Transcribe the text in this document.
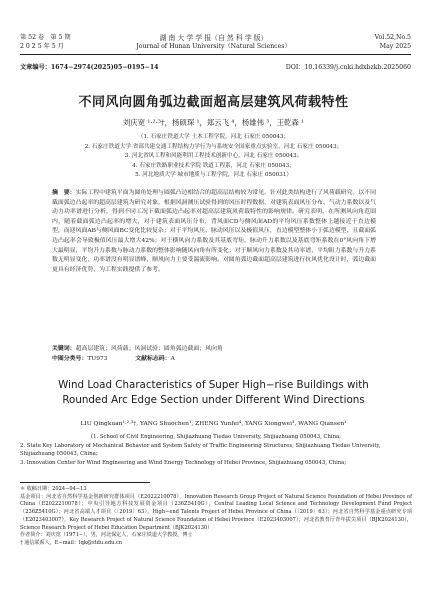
第 52 卷　第 5 期
2 0 2 5 年 5 月
湖 南 大 学 学 报（自 然 科 学 版）
Journal of Hunan University（Natural Sciences）
Vol.52,No.5
May 2025
文章编号：1674−2974(2025)05−0195−14	DOI：10.16339/j.cnki.hdxbzkb.2025060
不同风向圆角弧边截面超高层建筑风荷载特性
刘庆宽 ¹·²·³†，杨硕琛 ¹，郑云飞 ⁴，杨雄伟 ³，王乾森 ¹
（1. 石家庄铁道大学 土木工程学院，河北 石家庄 050043；
2. 石家庄铁道大学 省部共建交通工程结构力学行为与系统安全国家重点实验室，河北 石家庄 050043；
3. 河北省风工程和风能利用工程技术创新中心，河北 石家庄 050043；
4. 石家庄铁路职业技术学院 铁道工程系，河北 石家庄 050043；
5. 河北地质大学 城市地质与工程学院，河北 石家庄 050031）
摘　要：实际工程中建筑平面为圆角处理与圆弧凸边相结合的超高层结构较为常见，针对此类结构进行了风荷载研究。以不同截面弧边凸起率的超高层建筑为研究对象，根据风洞测压试验得到的风压时程数据，对建筑表面风压分布、气动力系数以及气动力功率谱进行分析，得到不同工况下截面弧边凸起率对超高层建筑风荷载特性的影响规律。研究表明，在所测风向角范围内，随着截面弧边凸起率的增大，对于建筑表面风压分布，背风面CD与侧风面AD的平均风压系数整体上越接近于直边模型，而迎风面AB与侧风面BC变化比较复杂；对于平均风压、脉动风压以及极值风压，直边模型整体小于弧边模型，且截面弧边凸起率会导致极值风压最大增大42%；对于横风向力系数及其基底弯矩，脉动升力系数以及基底弯矩系数在0°风向角下增大最明显，平均升力系数与脉动力系数的整体影响随风向角有所变化；对于顺风向力系数及其功率谱，平均阻力系数与升力系数无明显变化，功率谱没有明显谱峰，顺风向力主要受湍流影响。对圆角弧边截面超高层建筑进行抗风优化设计时，弧边截面更具有经济优势，为工程实践提供了参考。
关键词：超高层建筑；风荷载；风洞试验；圆角弧边截面；风向角
中图分类号：TU973	文献标志码：A
Wind Load Characteristics of Super High−rise Buildings with Rounded Arc Edge Section under Different Wind Directions
LIU Qingkuan¹·²·³†, YANG Shuochen¹, ZHENG Yunfei⁴, YANG Xiongwei³, WANG Qiansen¹
(1. School of Civil Engineering, Shijiazhuang Tiedao University, Shijiazhuang 050043, China;
2. State Key Laboratory of Mechanical Behavior and System Safety of Traffic Engineering Structures, Shijiazhuang Tiedao University, Shijiazhuang 050043, China;
3. Innovation Center for Wind Engineering and Wind Energy Technology of Hebei Province, Shijiazhuang 050043, China;

＊ 收稿日期：2024−04−13

基金项目：河北省自然科学基金创新研究群体项目（E2022210078），Innovation Research Group Project of Natural Science Foundation of Hebei Province of China（E2022210078）；中央引导地方科技发展资金项目（236Z5410G），Central Leading Local Science and Technology Development Fund Project（236Z5410G）；河北省高端人才项目（〔2019〕63），High−end Talents Project of Hebei Province of China（〔2019〕63）；河北省自然科学基金重点研究专项（E2023403007），Key Research Project of Natural Science Foundation of Hebei Province（E2023403007）；河北省教育厅青年拔尖项目（BJK2024130），Science Research Project of Hebei Education Department（BJK2024130）

作者简介：刘庆宽（1971−），男，河北保定人，石家庄铁道大学教授，博士

† 通信联系人，E−mail：lqk@stdu.edu.cn
